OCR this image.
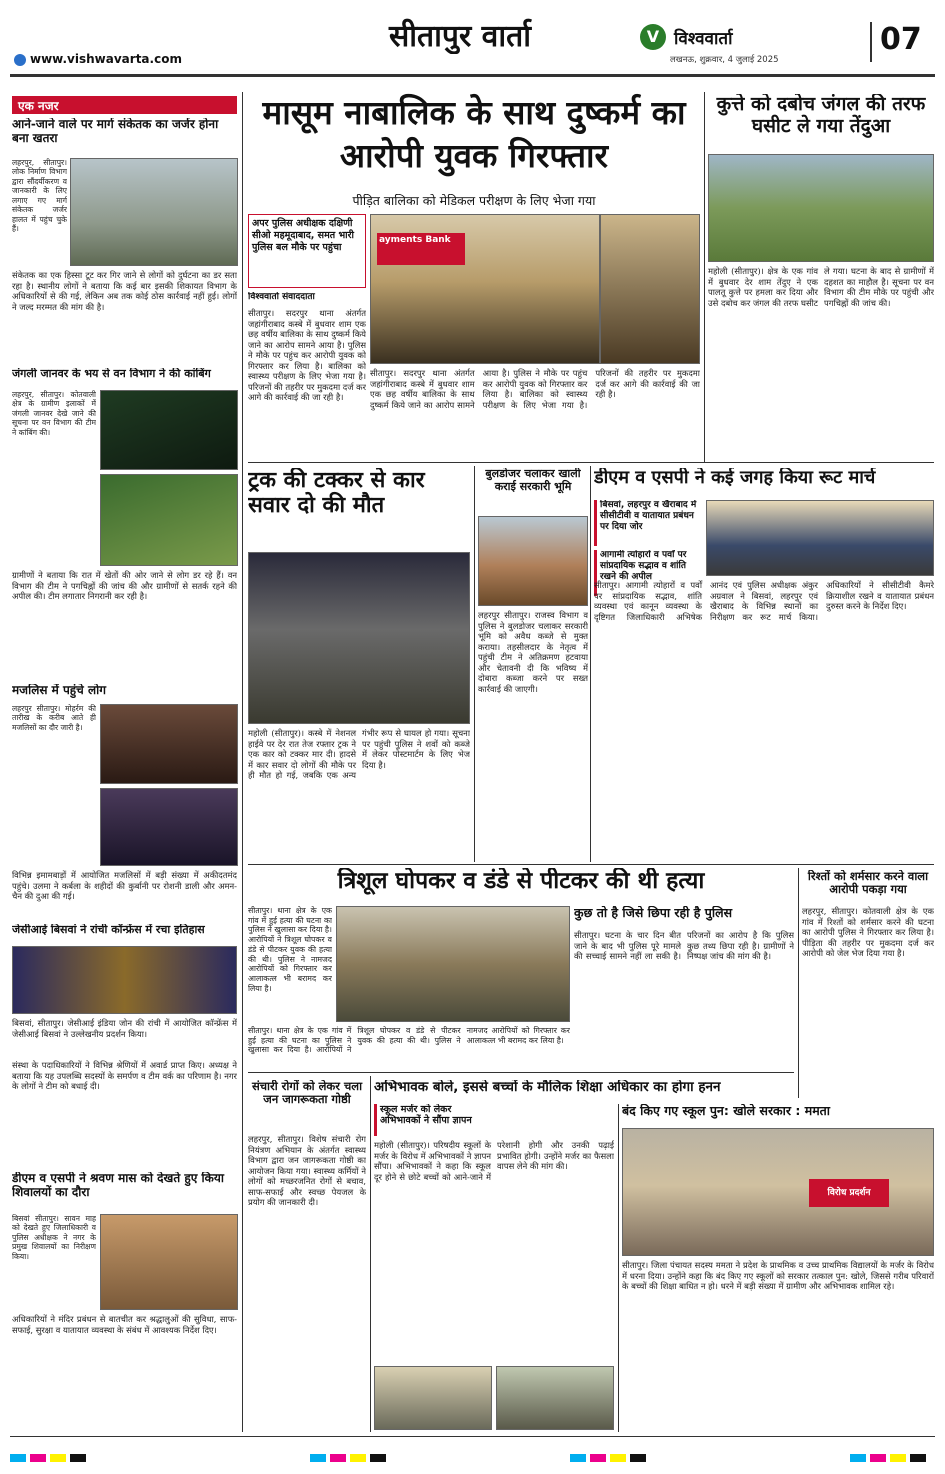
सीतापुर वार्ता
www.vishwavarta.com
V विश्ववार्ता
लखनऊ, शुक्रवार, 4 जुलाई 2025
07
एक नजर
आने-जाने वाले पर मार्ग संकेतक का जर्जर होना बना खतरा
लहरपुर, सीतापुर। लोक निर्माण विभाग द्वारा सौंदर्यीकरण व जानकारी के लिए लगाए गए मार्ग संकेतक जर्जर हालत में पहुंच चुके हैं।
संकेतक का एक हिस्सा टूट कर गिर जाने से लोगों को दुर्घटना का डर सता रहा है। स्थानीय लोगों ने बताया कि कई बार इसकी शिकायत विभाग के अधिकारियों से की गई, लेकिन अब तक कोई ठोस कार्रवाई नहीं हुई। लोगों ने जल्द मरम्मत की मांग की है।
जंगली जानवर के भय से वन विभाग ने की कांबिंग
लहरपुर, सीतापुर। कोतवाली क्षेत्र के ग्रामीण इलाकों में जंगली जानवर देखे जाने की सूचना पर वन विभाग की टीम ने कांबिंग की।
ग्रामीणों ने बताया कि रात में खेतों की ओर जाने से लोग डर रहे हैं। वन विभाग की टीम ने पगचिह्नों की जांच की और ग्रामीणों से सतर्क रहने की अपील की। टीम लगातार निगरानी कर रही है।
मजलिस में पहुंचे लोग
लहरपुर सीतापुर। मोहर्रम की तारीख के करीब आते ही मजलिसों का दौर जारी है।
विभिन्न इमामबाड़ों में आयोजित मजलिसों में बड़ी संख्या में अकीदतमंद पहुंचे। उलमा ने कर्बला के शहीदों की कुर्बानी पर रोशनी डाली और अमन-चैन की दुआ की गई।
जेसीआई बिसवां ने रांची कॉन्फ्रेंस में रचा इतिहास
बिसवां, सीतापुर। जेसीआई इंडिया जोन की रांची में आयोजित कॉन्फ्रेंस में जेसीआई बिसवां ने उल्लेखनीय प्रदर्शन किया।
संस्था के पदाधिकारियों ने विभिन्न श्रेणियों में अवार्ड प्राप्त किए। अध्यक्ष ने बताया कि यह उपलब्धि सदस्यों के समर्पण व टीम वर्क का परिणाम है। नगर के लोगों ने टीम को बधाई दी।
डीएम व एसपी ने श्रवण मास को देखते हुए किया शिवालयों का दौरा
बिसवां सीतापुर। सावन माह को देखते हुए जिलाधिकारी व पुलिस अधीक्षक ने नगर के प्रमुख शिवालयों का निरीक्षण किया।
अधिकारियों ने मंदिर प्रबंधन से बातचीत कर श्रद्धालुओं की सुविधा, साफ-सफाई, सुरक्षा व यातायात व्यवस्था के संबंध में आवश्यक निर्देश दिए।
मासूम नाबालिक के साथ दुष्कर्म का आरोपी युवक गिरफ्तार
पीड़ित बालिका को मेडिकल परीक्षण के लिए भेजा गया
ayments Bank
अपर पुलिस अधीक्षक दक्षिणी सीओ महमूदाबाद, समत भारी पुलिस बल मौके पर पहुंचा
विश्ववार्ता संवाददाता
सीतापुर। सदरपुर थाना अंतर्गत जहांगीराबाद कस्बे में बुधवार शाम एक छह वर्षीय बालिका के साथ दुष्कर्म किये जाने का आरोप सामने आया है। पुलिस ने मौके पर पहुंच कर आरोपी युवक को गिरफ्तार कर लिया है। बालिका को स्वास्थ्य परीक्षण के लिए भेजा गया है। परिजनों की तहरीर पर मुकदमा दर्ज कर आगे की कार्रवाई की जा रही है।
सीतापुर। सदरपुर थाना अंतर्गत जहांगीराबाद कस्बे में बुधवार शाम एक छह वर्षीय बालिका के साथ दुष्कर्म किये जाने का आरोप सामने आया है। पुलिस ने मौके पर पहुंच कर आरोपी युवक को गिरफ्तार कर लिया है। बालिका को स्वास्थ्य परीक्षण के लिए भेजा गया है। परिजनों की तहरीर पर मुकदमा दर्ज कर आगे की कार्रवाई की जा रही है।
कुत्ते को दबोच जंगल की तरफ घसीट ले गया तेंदुआ
महोली (सीतापुर)। क्षेत्र के एक गांव में बुधवार देर शाम तेंदुए ने एक पालतू कुत्ते पर हमला कर दिया और उसे दबोच कर जंगल की तरफ घसीट ले गया। घटना के बाद से ग्रामीणों में दहशत का माहौल है। सूचना पर वन विभाग की टीम मौके पर पहुंची और पगचिह्नों की जांच की।
ट्रक की टक्कर से कार सवार दो की मौत
महोली (सीतापुर)। कस्बे में नेशनल हाईवे पर देर रात तेज रफ्तार ट्रक ने एक कार को टक्कर मार दी। हादसे में कार सवार दो लोगों की मौके पर ही मौत हो गई, जबकि एक अन्य गंभीर रूप से घायल हो गया। सूचना पर पहुंची पुलिस ने शवों को कब्जे में लेकर पोस्टमार्टम के लिए भेज दिया है।
बुलडोजर चलाकर खाली कराई सरकारी भूमि
लहरपुर सीतापुर। राजस्व विभाग व पुलिस ने बुलडोजर चलाकर सरकारी भूमि को अवैध कब्जे से मुक्त कराया। तहसीलदार के नेतृत्व में पहुंची टीम ने अतिक्रमण हटवाया और चेतावनी दी कि भविष्य में दोबारा कब्जा करने पर सख्त कार्रवाई की जाएगी।
डीएम व एसपी ने कई जगह किया रूट मार्च
बिसवां, लहरपुर व खैराबाद में सीसीटीवी व यातायात प्रबंधन पर दिया जोर
आगामी त्योहारों व पर्वों पर सांप्रदायिक सद्भाव व शांति रखने की अपील
सीतापुर। आगामी त्योहारों व पर्वों पर सांप्रदायिक सद्भाव, शांति व्यवस्था एवं कानून व्यवस्था के दृष्टिगत जिलाधिकारी अभिषेक आनंद एवं पुलिस अधीक्षक अंकुर अग्रवाल ने बिसवां, लहरपुर एवं खैराबाद के विभिन्न स्थानों का निरीक्षण कर रूट मार्च किया। अधिकारियों ने सीसीटीवी कैमरे क्रियाशील रखने व यातायात प्रबंधन दुरुस्त करने के निर्देश दिए।
त्रिशूल घोपकर व डंडे से पीटकर की थी हत्या
सीतापुर। थाना क्षेत्र के एक गांव में हुई हत्या की घटना का पुलिस ने खुलासा कर दिया है। आरोपियों ने त्रिशूल घोपकर व डंडे से पीटकर युवक की हत्या की थी। पुलिस ने नामजद आरोपियों को गिरफ्तार कर आलाकत्ल भी बरामद कर लिया है।
सीतापुर। थाना क्षेत्र के एक गांव में हुई हत्या की घटना का पुलिस ने खुलासा कर दिया है। आरोपियों ने त्रिशूल घोपकर व डंडे से पीटकर युवक की हत्या की थी। पुलिस ने नामजद आरोपियों को गिरफ्तार कर आलाकत्ल भी बरामद कर लिया है।
कुछ तो है जिसे छिपा रही है पुलिस
सीतापुर। घटना के चार दिन बीत जाने के बाद भी पुलिस पूरे मामले की सच्चाई सामने नहीं ला सकी है। परिजनों का आरोप है कि पुलिस कुछ तथ्य छिपा रही है। ग्रामीणों ने निष्पक्ष जांच की मांग की है।
रिश्तों को शर्मसार करने वाला आरोपी पकड़ा गया
लहरपुर, सीतापुर। कोतवाली क्षेत्र के एक गांव में रिश्तों को शर्मसार करने की घटना का आरोपी पुलिस ने गिरफ्तार कर लिया है। पीड़िता की तहरीर पर मुकदमा दर्ज कर आरोपी को जेल भेज दिया गया है।
संचारी रोगों को लेकर चला जन जागरूकता गोष्ठी
लहरपुर, सीतापुर। विशेष संचारी रोग नियंत्रण अभियान के अंतर्गत स्वास्थ्य विभाग द्वारा जन जागरूकता गोष्ठी का आयोजन किया गया। स्वास्थ्य कर्मियों ने लोगों को मच्छरजनित रोगों से बचाव, साफ-सफाई और स्वच्छ पेयजल के प्रयोग की जानकारी दी।
अभिभावक बोले, इससे बच्चों के मौलिक शिक्षा अधिकार का होगा हनन
स्कूल मर्जर को लेकर अभिभावकों ने सौंपा ज्ञापन
महोली (सीतापुर)। परिषदीय स्कूलों के मर्जर के विरोध में अभिभावकों ने ज्ञापन सौंपा। अभिभावकों ने कहा कि स्कूल दूर होने से छोटे बच्चों को आने-जाने में परेशानी होगी और उनकी पढ़ाई प्रभावित होगी। उन्होंने मर्जर का फैसला वापस लेने की मांग की।
बंद किए गए स्कूल पुन: खोले सरकार : ममता
विरोध प्रदर्शन
सीतापुर। जिला पंचायत सदस्य ममता ने प्रदेश के प्राथमिक व उच्च प्राथमिक विद्यालयों के मर्जर के विरोध में धरना दिया। उन्होंने कहा कि बंद किए गए स्कूलों को सरकार तत्काल पुन: खोले, जिससे गरीब परिवारों के बच्चों की शिक्षा बाधित न हो। धरने में बड़ी संख्या में ग्रामीण और अभिभावक शामिल रहे।
